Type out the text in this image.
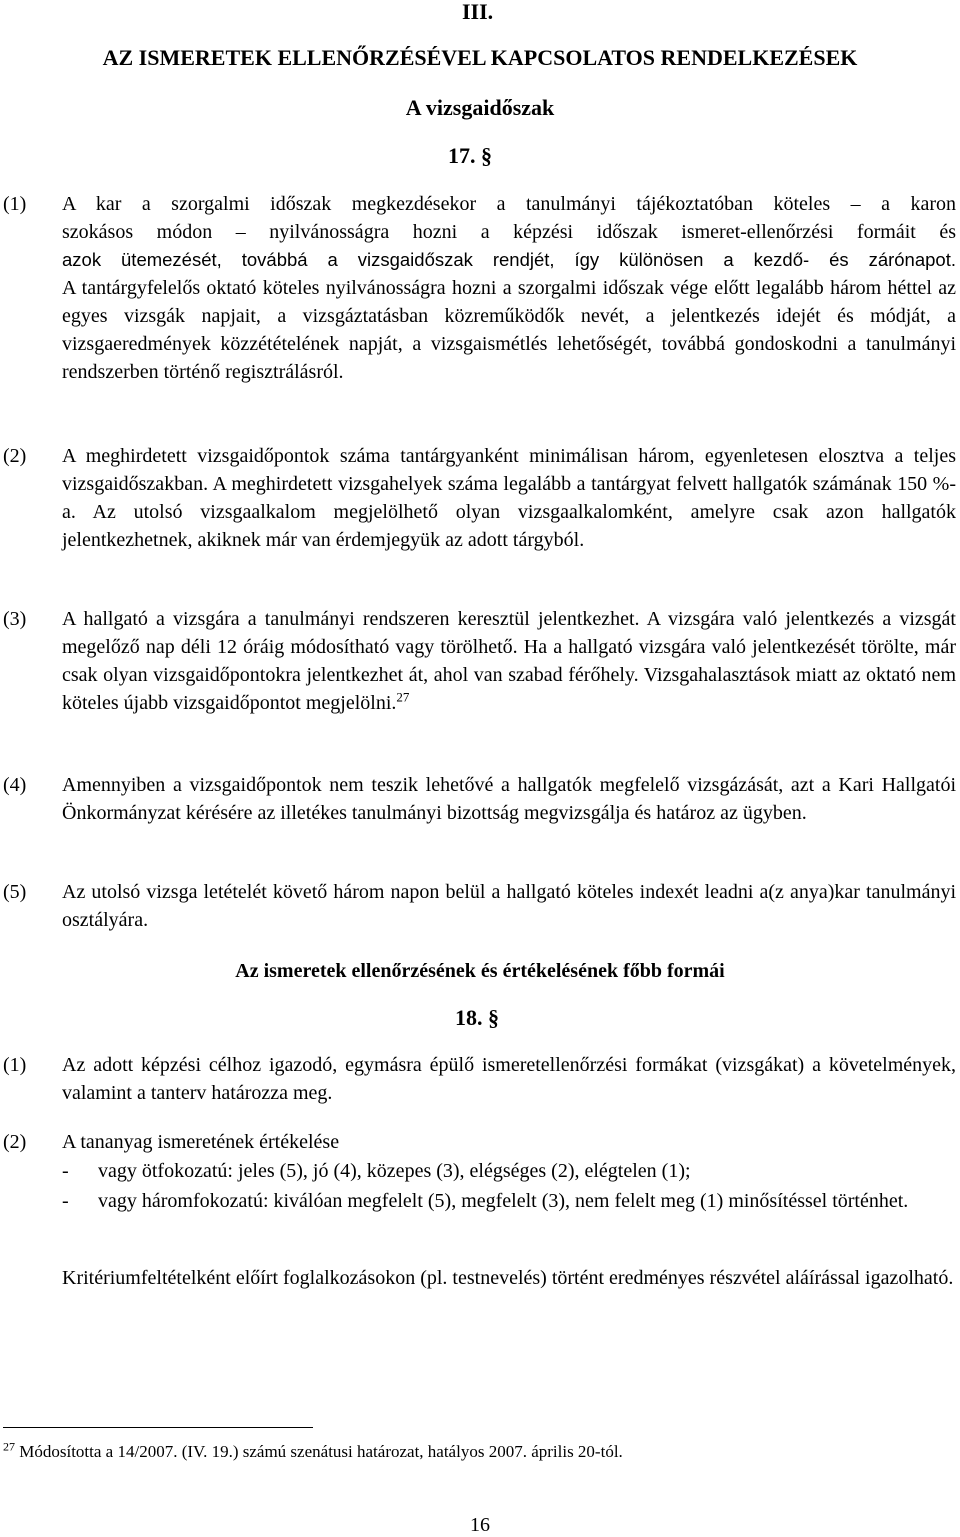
III.
AZ ISMERETEK ELLENŐRZÉSÉVEL KAPCSOLATOS RENDELKEZÉSEK
A vizsgaidőszak
17. §
(1) A kar a szorgalmi időszak megkezdésekor a tanulmányi tájékoztatóban köteles – a karon
szokásos módon – nyilvánosságra hozni a képzési időszak ismeret-ellenőrzési formáit és
azok ütemezését, továbbá a vizsgaidőszak rendjét, így különösen a kezdő- és zárónapot.
A tantárgyfelelős oktató köteles nyilvánosságra hozni a szorgalmi időszak vége előtt legalább három héttel az egyes vizsgák napjait, a vizsgáztatásban közreműködők nevét, a jelentkezés idejét és módját, a vizsgaeredmények közzétételének napját, a vizsgaismétlés lehetőségét, továbbá gondoskodni a tanulmányi rendszerben történő regisztrálásról.
(2) A meghirdetett vizsgaidőpontok száma tantárgyanként minimálisan három, egyenletesen elosztva a teljes vizsgaidőszakban. A meghirdetett vizsgahelyek száma legalább a tantárgyat felvett hallgatók számának 150 %-a. Az utolsó vizsgaalkalom megjelölhető olyan vizsgaalkalomként, amelyre csak azon hallgatók jelentkezhetnek, akiknek már van érdemjegyük az adott tárgyból.
(3) A hallgató a vizsgára a tanulmányi rendszeren keresztül jelentkezhet. A vizsgára való jelentkezés a vizsgát megelőző nap déli 12 óráig módosítható vagy törölhető. Ha a hallgató vizsgára való jelentkezését törölte, már csak olyan vizsgaidőpontokra jelentkezhet át, ahol van szabad férőhely. Vizsgahalasztások miatt az oktató nem köteles újabb vizsgaidőpontot megjelölni.$^{27}$
(4) Amennyiben a vizsgaidőpontok nem teszik lehetővé a hallgatók megfelelő vizsgázását, azt a Kari Hallgatói Önkormányzat kérésére az illetékes tanulmányi bizottság megvizsgálja és határoz az ügyben.
(5) Az utolsó vizsga letételét követő három napon belül a hallgató köteles indexét leadni a(z anya)kar tanulmányi osztályára.
Az ismeretek ellenőrzésének és értékelésének főbb formái
18. §
(1) Az adott képzési célhoz igazodó, egymásra épülő ismeretellenőrzési formákat (vizsgákat) a követelmények, valamint a tanterv határozza meg.
(2) A tananyag ismeretének értékelése
- vagy ötfokozatú: jeles (5), jó (4), közepes (3), elégséges (2), elégtelen (1);
- vagy háromfokozatú: kiválóan megfelelt (5), megfelelt (3), nem felelt meg (1) minősítéssel történhet.
Kritériumfeltételként előírt foglalkozásokon (pl. testnevelés) történt eredményes részvétel aláírással igazolható.
$^{27}$ Módosította a 14/2007. (IV. 19.) számú szenátusi határozat, hatályos 2007. április 20-tól.
16
